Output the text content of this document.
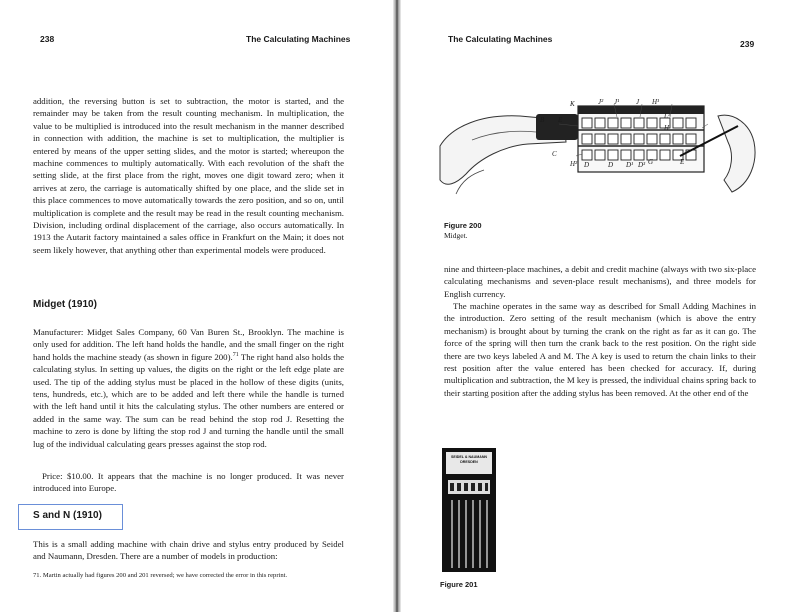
238	The Calculating Machines

addition, the reversing button is set to subtraction, the motor is started, and the remainder may be taken from the result counting mechanism. In multiplication, the value to be multiplied is introduced into the result mechanism in the manner described in connection with addition, the machine is set to multiplication, the multiplier is entered by means of the upper setting slides, and the motor is started; whereupon the machine commences to multiply automatically. With each revolution of the shaft the setting slide, at the first place from the right, moves one digit toward zero; when it arrives at zero, the carriage is automatically shifted by one place, and the slide set in this place commences to move automatically towards the zero position, and so on, until multiplication is complete and the result may be read in the result counting mechanism. Division, including ordinal displacement of the carriage, also occurs automatically. In 1913 the Autarit factory maintained a sales office in Frankfurt on the Main; it does not seem likely however, that anything other than experimental models were produced.

Midget (1910)

Manufacturer: Midget Sales Company, 60 Van Buren St., Brooklyn. The machine is only used for addition. The left hand holds the handle, and the small finger on the right hand holds the machine steady (as shown in figure 200).$^{71}$ The right hand also holds the calculating stylus. In setting up values, the digits on the right or the left edge plate are used. The tip of the adding stylus must be placed in the hollow of these digits (units, tens, hundreds, etc.), which are to be added and left there while the handle is turned with the left hand until it hits the calculating stylus. The other numbers are entered or added in the same way. The sum can be read behind the stop rod J. Resetting the machine to zero is done by lifting the stop rod J and turning the handle until the small lug of the individual calculating gears presses against the stop rod.

Price: $10.00. It appears that the machine is no longer produced. It was never introduced into Europe.

S and N (1910)

This is a small adding machine with chain drive and stylus entry produced by Seidel and Naumann, Dresden. There are a number of models in production:

71. Martin actually had figures 200 and 201 reversed; we have corrected the error in this reprint.
The Calculating Machines	239
B E
K	J² J¹ J H¹
L¹
H
C
H² D	D D¹ D³ G	E
Figure 200
Midget.

nine and thirteen-place machines, a debit and credit machine (always with two six-place calculating mechanisms and seven-place result mechanisms), and three models for English currency.

The machine operates in the same way as described for Small Adding Machines in the introduction. Zero setting of the result mechanism (which is above the entry mechanism) is brought about by turning the crank on the right as far as it can go. The force of the spring will then turn the crank back to the rest position. On the right side there are two keys labeled A and M. The A key is used to return the chain links to their rest position after the value entered has been checked for accuracy. If, during multiplication and subtraction, the M key is pressed, the individual chains spring back to their starting position after the adding stylus has been removed. At the other end of the

SEIDEL & NAUMANN
DRESDEN
Figure 201
